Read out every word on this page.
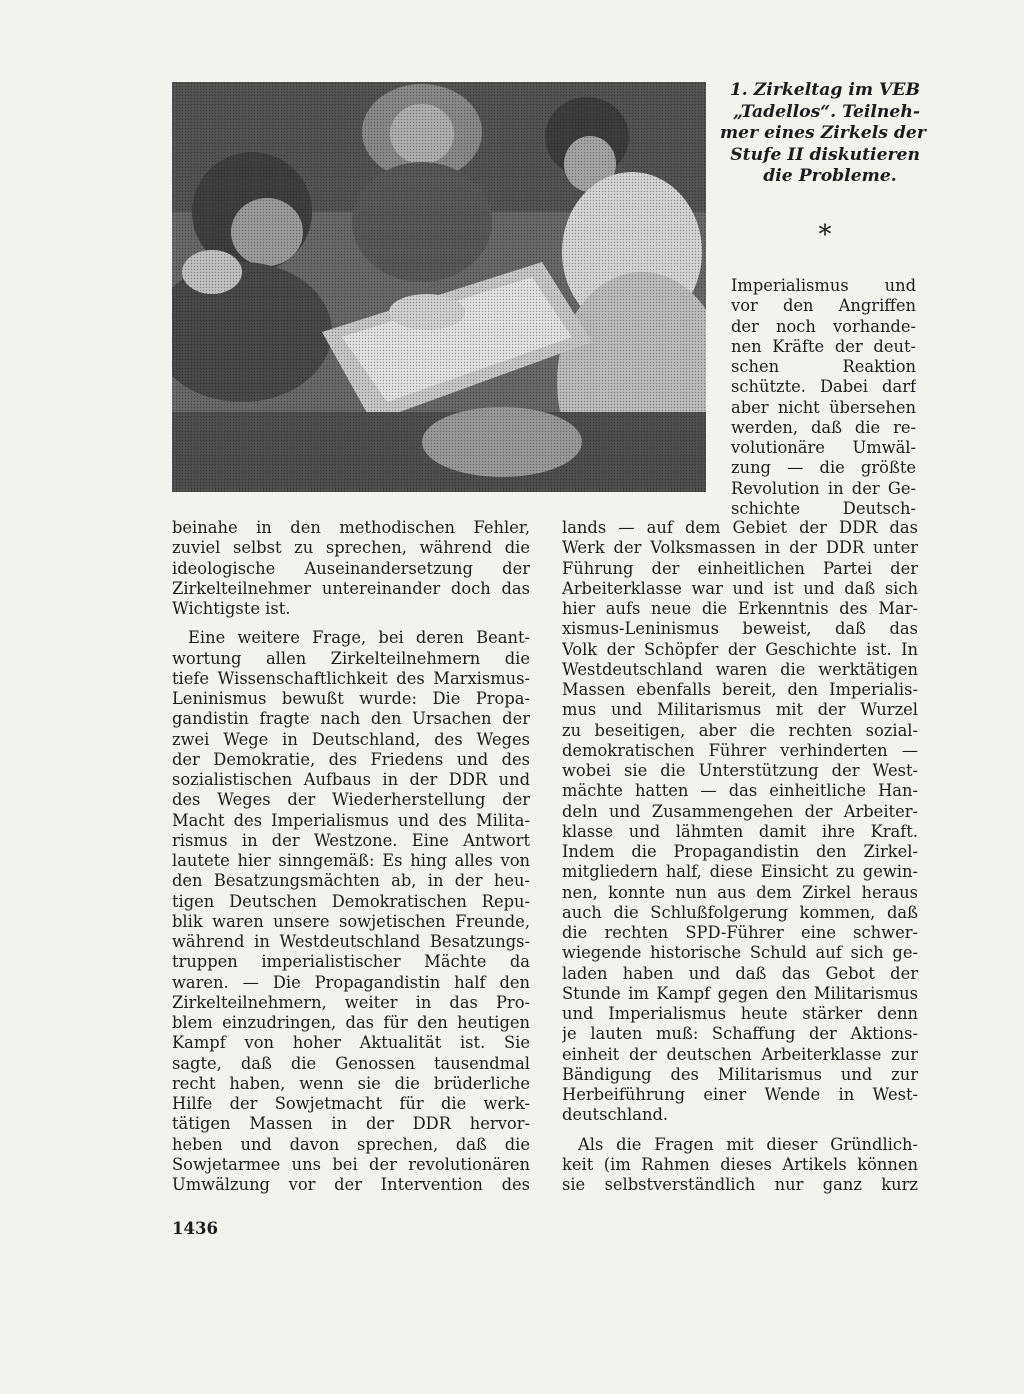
1. Zirkeltag im VEB
„Tadellos“. Teilneh-
mer eines Zirkels der
Stufe II diskutieren
die Probleme.
*
Imperialismus und
vor den Angriffen
der noch vorhande-
nen Kräfte der deut-
schen Reaktion
schützte. Dabei darf
aber nicht übersehen
werden, daß die re-
volutionäre Umwäl-
zung — die größte
Revolution in der Ge-
schichte Deutsch-
beinahe in den methodischen Fehler,
zuviel selbst zu sprechen, während die
ideologische Auseinandersetzung der
Zirkelteilnehmer untereinander doch das
Wichtigste ist.
Eine weitere Frage, bei deren Beant-
wortung allen Zirkelteilnehmern die
tiefe Wissenschaftlichkeit des Marxismus-
Leninismus bewußt wurde: Die Propa-
gandistin fragte nach den Ursachen der
zwei Wege in Deutschland, des Weges
der Demokratie, des Friedens und des
sozialistischen Aufbaus in der DDR und
des Weges der Wiederherstellung der
Macht des Imperialismus und des Milita-
rismus in der Westzone. Eine Antwort
lautete hier sinngemäß: Es hing alles von
den Besatzungsmächten ab, in der heu-
tigen Deutschen Demokratischen Repu-
blik waren unsere sowjetischen Freunde,
während in Westdeutschland Besatzungs-
truppen imperialistischer Mächte da
waren. — Die Propagandistin half den
Zirkelteilnehmern, weiter in das Pro-
blem einzudringen, das für den heutigen
Kampf von hoher Aktualität ist. Sie
sagte, daß die Genossen tausendmal
recht haben, wenn sie die brüderliche
Hilfe der Sowjetmacht für die werk-
tätigen Massen in der DDR hervor-
heben und davon sprechen, daß die
Sowjetarmee uns bei der revolutionären
Umwälzung vor der Intervention des
lands — auf dem Gebiet der DDR das
Werk der Volksmassen in der DDR unter
Führung der einheitlichen Partei der
Arbeiterklasse war und ist und daß sich
hier aufs neue die Erkenntnis des Mar-
xismus-Leninismus beweist, daß das
Volk der Schöpfer der Geschichte ist. In
Westdeutschland waren die werktätigen
Massen ebenfalls bereit, den Imperialis-
mus und Militarismus mit der Wurzel
zu beseitigen, aber die rechten sozial-
demokratischen Führer verhinderten —
wobei sie die Unterstützung der West-
mächte hatten — das einheitliche Han-
deln und Zusammengehen der Arbeiter-
klasse und lähmten damit ihre Kraft.
Indem die Propagandistin den Zirkel-
mitgliedern half, diese Einsicht zu gewin-
nen, konnte nun aus dem Zirkel heraus
auch die Schlußfolgerung kommen, daß
die rechten SPD-Führer eine schwer-
wiegende historische Schuld auf sich ge-
laden haben und daß das Gebot der
Stunde im Kampf gegen den Militarismus
und Imperialismus heute stärker denn
je lauten muß: Schaffung der Aktions-
einheit der deutschen Arbeiterklasse zur
Bändigung des Militarismus und zur
Herbeiführung einer Wende in West-
deutschland.
Als die Fragen mit dieser Gründlich-
keit (im Rahmen dieses Artikels können
sie selbstverständlich nur ganz kurz
1436
